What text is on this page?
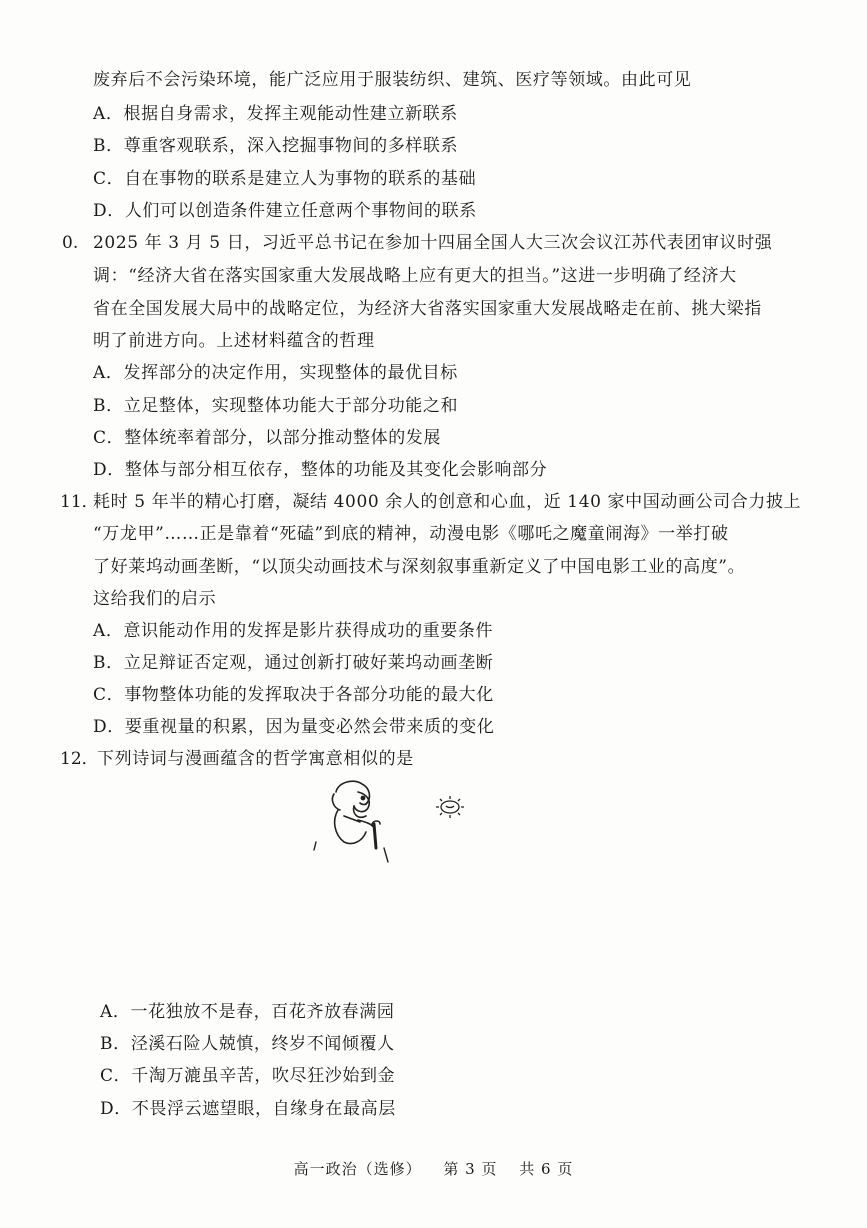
废弃后不会污染环境，能广泛应用于服装纺织、建筑、医疗等领域。由此可见
A．根据自身需求，发挥主观能动性建立新联系
B．尊重客观联系，深入挖掘事物间的多样联系
C．自在事物的联系是建立人为事物的联系的基础
D．人们可以创造条件建立任意两个事物间的联系
0. 2025 年 3 月 5 日，习近平总书记在参加十四届全国人大三次会议江苏代表团审议时强
调：“经济大省在落实国家重大发展战略上应有更大的担当。”这进一步明确了经济大
省在全国发展大局中的战略定位，为经济大省落实国家重大发展战略走在前、挑大梁指
明了前进方向。上述材料蕴含的哲理
A．发挥部分的决定作用，实现整体的最优目标
B．立足整体，实现整体功能大于部分功能之和
C．整体统率着部分，以部分推动整体的发展
D．整体与部分相互依存，整体的功能及其变化会影响部分
11．
耗时 5 年半的精心打磨，凝结 4000 余人的创意和心血，近 140 家中国动画公司合力披上
“万龙甲”……正是靠着“死磕”到底的精神，动漫电影《哪吒之魔童闹海》一举打破
了好莱坞动画垄断，“以顶尖动画技术与深刻叙事重新定义了中国电影工业的高度”。
这给我们的启示
A．意识能动作用的发挥是影片获得成功的重要条件
B．立足辩证否定观，通过创新打破好莱坞动画垄断
C．事物整体功能的发挥取决于各部分功能的最大化
D．要重视量的积累，因为量变必然会带来质的变化
12．
下列诗词与漫画蕴含的哲学寓意相似的是
A．一花独放不是春，百花齐放春满园
B．泾溪石险人兢慎，终岁不闻倾覆人
C．千淘万漉虽辛苦，吹尽狂沙始到金
D．不畏浮云遮望眼，自缘身在最高层
高一政治（选修） 第 3 页 共 6 页
